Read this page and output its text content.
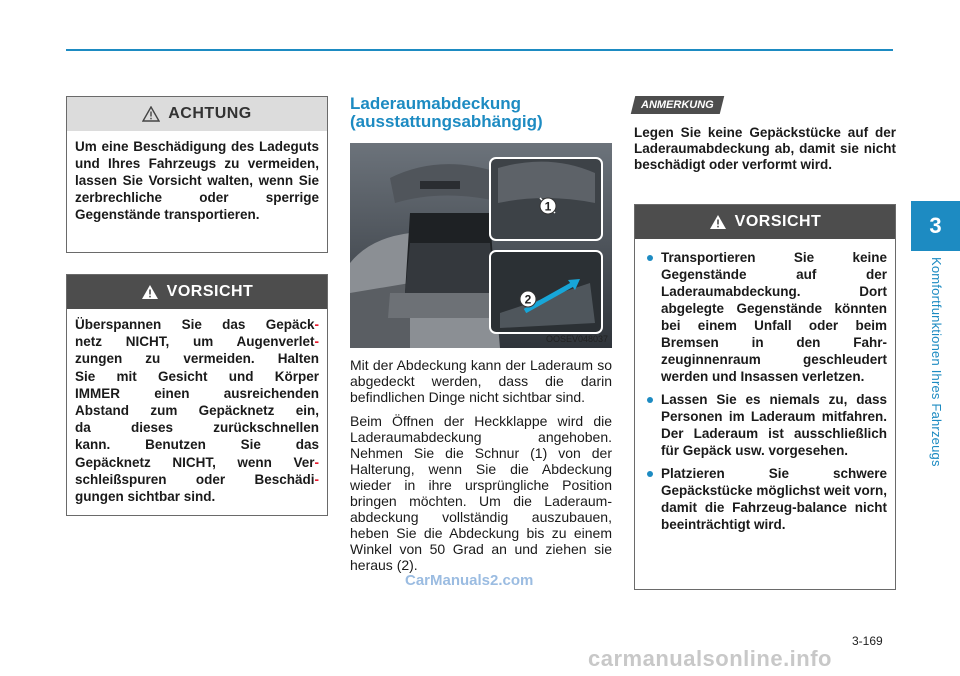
ACHTUNG
Um eine Beschädigung des Ladeguts und Ihres Fahrzeugs zu vermeiden, lassen Sie Vorsicht walten, wenn Sie zerbrechliche oder sperrige Gegenstände transportieren.
VORSICHT
Überspannen Sie das Gepäck-
netz NICHT, um Augenverlet-
zungen zu vermeiden. Halten
Sie mit Gesicht und Körper
IMMER einen ausreichenden
Abstand zum Gepäcknetz ein,
da dieses zurückschnellen
kann. Benutzen Sie das
Gepäcknetz NICHT, wenn Ver-
schleißspuren oder Beschädi-
gungen sichtbar sind.
Laderaumabdeckung (ausstattungsabhängig)
1
2
OOSEV048037

Mit der Abdeckung kann der Laderaum so abgedeckt werden, dass die darin befindlichen Dinge nicht sichtbar sind.

Beim Öffnen der Heckklappe wird die Laderaumabdeckung angehoben. Nehmen Sie die Schnur (1) von der Halterung, wenn Sie die Abdeckung wieder in ihre ursprüngliche Position bringen möchten. Um die Laderaum-abdeckung vollständig auszubauen, heben Sie die Abdeckung bis zu einem Winkel von 50 Grad an und ziehen sie heraus (2).

ANMERKUNG
Legen Sie keine Gepäckstücke auf der Laderaumabdeckung ab, damit sie nicht beschädigt oder verformt wird.
VORSICHT
Transportieren Sie keine Gegenstände auf der Laderaumabdeckung. Dort abgelegte Gegenstände könnten bei einem Unfall oder beim Bremsen in den Fahr-zeuginnenraum geschleudert werden und Insassen verletzen.
Lassen Sie es niemals zu, dass Personen im Laderaum mitfahren. Der Laderaum ist ausschließlich für Gepäck usw. vorgesehen.
Platzieren Sie schwere Gepäckstücke möglichst weit vorn, damit die Fahrzeug-balance nicht beeinträchtigt wird.
3
Komfortfunktionen Ihres Fahrzeugs
3-169
CarManuals2.com
carmanualsonline.info
